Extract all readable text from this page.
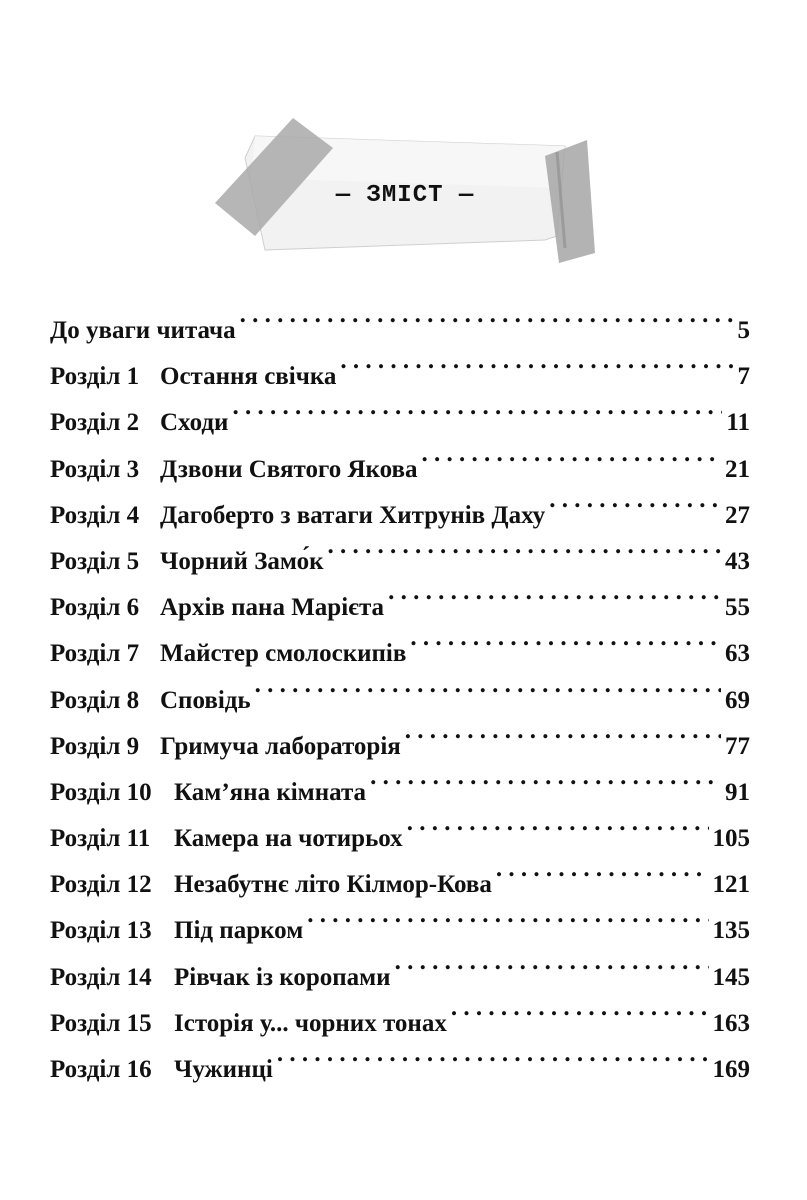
— ЗМІСТ —
До уваги читача . . .	5
Розділ 1 Остання свічка . . .	7
Розділ 2 Сходи . . .	11
Розділ 3 Дзвони Святого Якова . . .	21
Розділ 4 Дагоберто з ватаги Хитрунів Даху . . .	27
Розділ 5 Чорний Замо́к . . .	43
Розділ 6 Архів пана Марієта . . .	55
Розділ 7 Майстер смолоскипів . . .	63
Розділ 8 Сповідь . . .	69
Розділ 9 Гримуча лабораторія . . .	77
Розділ 10 Кам’яна кімната . . .	91
Розділ 11 Камера на чотирьох . . .	105
Розділ 12 Незабутнє літо Кілмор-Кова . . .	121
Розділ 13 Під парком . . .	135
Розділ 14 Рівчак із коропами . . .	145
Розділ 15 Історія у... чорних тонах . . .	163
Розділ 16 Чужинці . . .	169
